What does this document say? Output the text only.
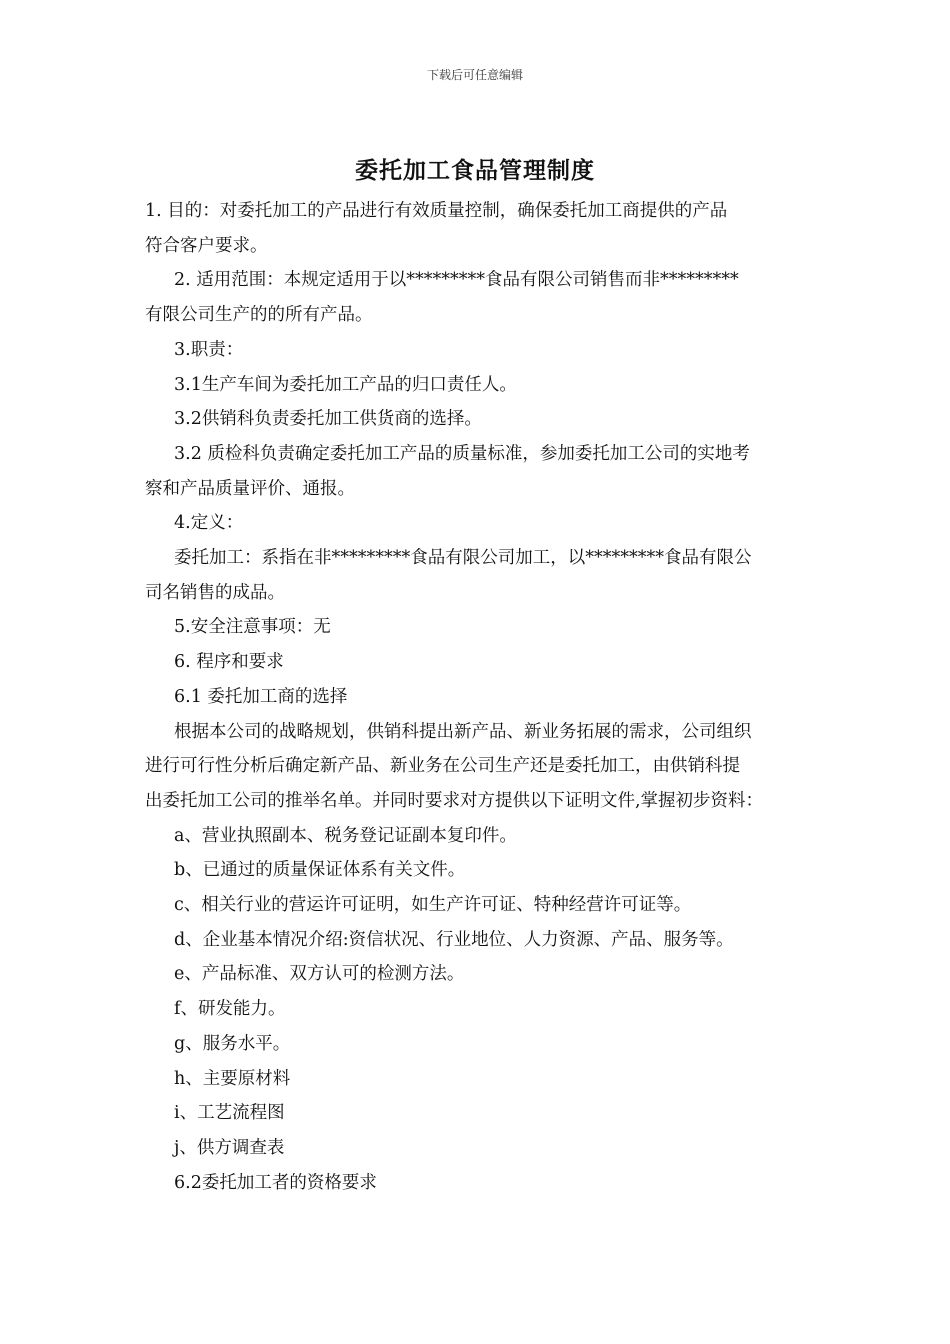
下载后可任意编辑
委托加工食品管理制度

1. 目的：对委托加工的产品进行有效质量控制，确保委托加工商提供的产品

符合客户要求。

2. 适用范围：本规定适用于以*********食品有限公司销售而非*********

有限公司生产的的所有产品。

3.职责：

3.1生产车间为委托加工产品的归口责任人。

3.2供销科负责委托加工供货商的选择。

3.2 质检科负责确定委托加工产品的质量标准，参加委托加工公司的实地考

察和产品质量评价、通报。

4.定义：

委托加工：系指在非*********食品有限公司加工，以*********食品有限公

司名销售的成品。

5.安全注意事项：无

6. 程序和要求

6.1 委托加工商的选择

根据本公司的战略规划，供销科提出新产品、新业务拓展的需求，公司组织

进行可行性分析后确定新产品、新业务在公司生产还是委托加工，由供销科提

出委托加工公司的推举名单。并同时要求对方提供以下证明文件,掌握初步资料：

a、营业执照副本、税务登记证副本复印件。

b、已通过的质量保证体系有关文件。

c、相关行业的营运许可证明，如生产许可证、特种经营许可证等。

d、企业基本情况介绍:资信状况、行业地位、人力资源、产品、服务等。

e、产品标准、双方认可的检测方法。

f、研发能力。

g、服务水平。

h、主要原材料

i、工艺流程图

j、供方调查表

6.2委托加工者的资格要求
